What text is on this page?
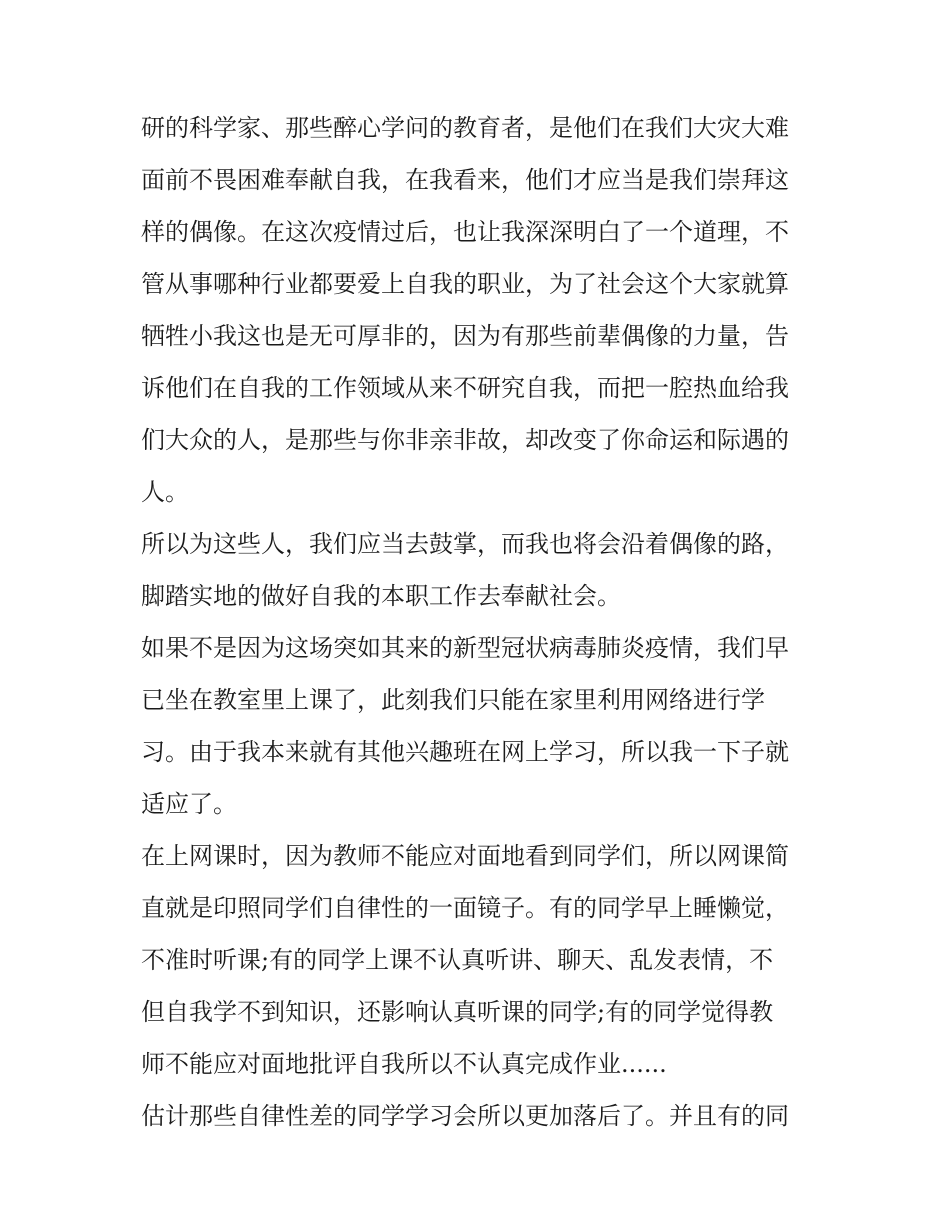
研的科学家、那些醉心学问的教育者，是他们在我们大灾大难
面前不畏困难奉献自我，在我看来，他们才应当是我们崇拜这
样的偶像。在这次疫情过后，也让我深深明白了一个道理，不
管从事哪种行业都要爱上自我的职业，为了社会这个大家就算
牺牲小我这也是无可厚非的，因为有那些前辈偶像的力量，告
诉他们在自我的工作领域从来不研究自我，而把一腔热血给我
们大众的人，是那些与你非亲非故，却改变了你命运和际遇的
人。
所以为这些人，我们应当去鼓掌，而我也将会沿着偶像的路，
脚踏实地的做好自我的本职工作去奉献社会。
如果不是因为这场突如其来的新型冠状病毒肺炎疫情，我们早
已坐在教室里上课了，此刻我们只能在家里利用网络进行学
习。由于我本来就有其他兴趣班在网上学习，所以我一下子就
适应了。
在上网课时，因为教师不能应对面地看到同学们，所以网课简
直就是印照同学们自律性的一面镜子。有的同学早上睡懒觉，
不准时听课;有的同学上课不认真听讲、聊天、乱发表情，不
但自我学不到知识，还影响认真听课的同学;有的同学觉得教
师不能应对面地批评自我所以不认真完成作业......
估计那些自律性差的同学学习会所以更加落后了。并且有的同
